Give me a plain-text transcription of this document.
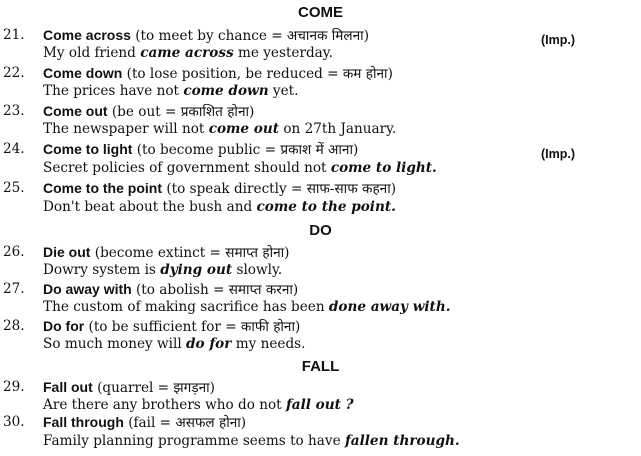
COME
21. Come across (to meet by chance = अचानक मिलना)	(Imp.)
My old friend came across me yesterday.
22. Come down (to lose position, be reduced = कम होना)
The prices have not come down yet.
23. Come out (be out = प्रकाशित होना)
The newspaper will not come out on 27th January.
24. Come to light (to become public = प्रकाश में आना)	(Imp.)
Secret policies of government should not come to light.
25. Come to the point (to speak directly = साफ-साफ कहना)
Don't beat about the bush and come to the point.
DO
26. Die out (become extinct = समाप्त होना)
Dowry system is dying out slowly.
27. Do away with (to abolish = समाप्त करना)
The custom of making sacrifice has been done away with.
28. Do for (to be sufficient for = काफी होना)
So much money will do for my needs.
FALL
29. Fall out (quarrel = झगड़ना)
Are there any brothers who do not fall out ?
30. Fall through (fail = असफल होना)
Family planning programme seems to have fallen through.
